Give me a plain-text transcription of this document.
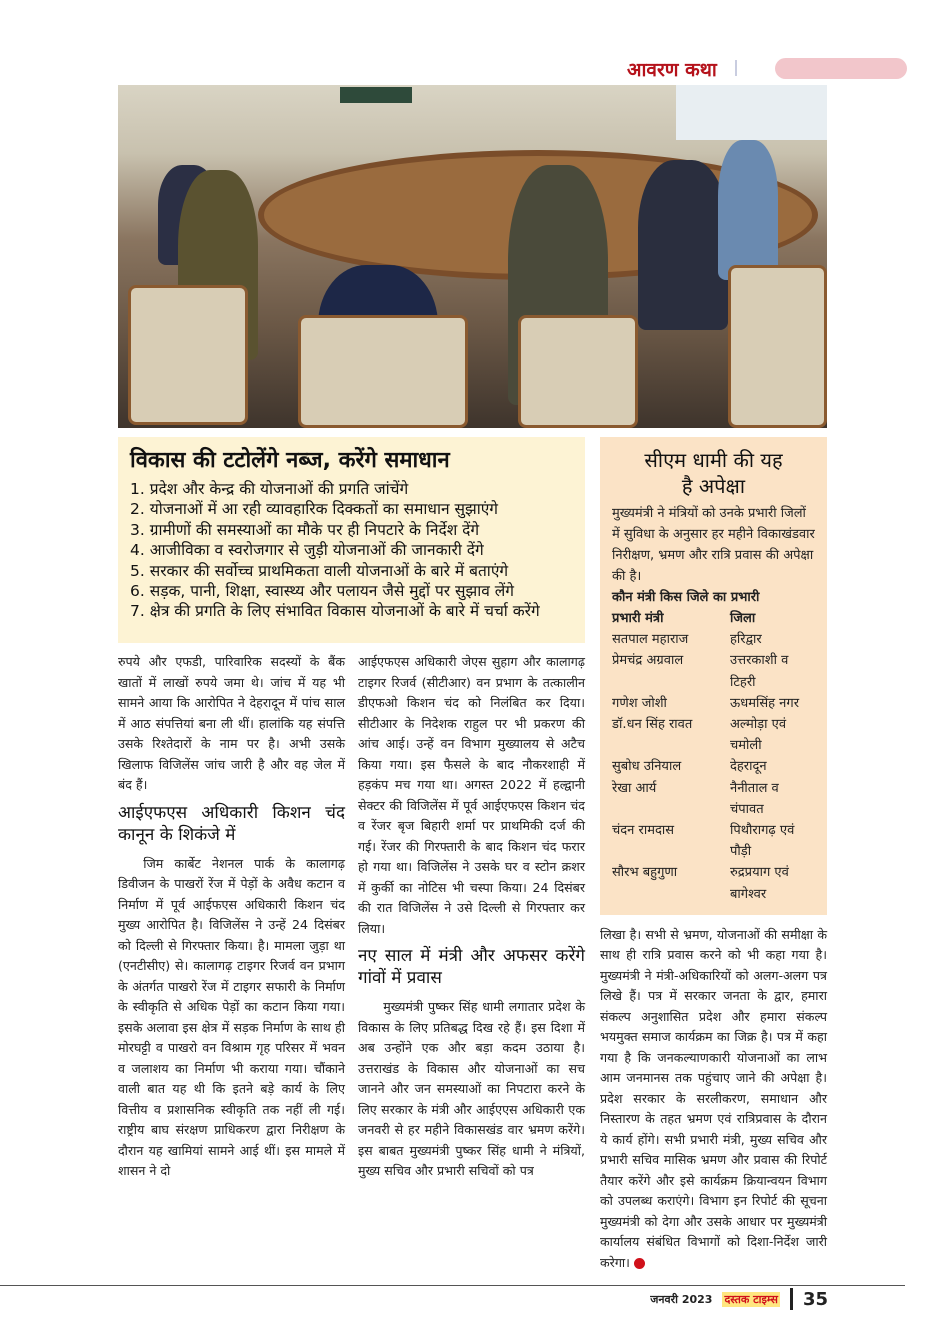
आवरण कथा
विकास की टटोलेंगे नब्ज, करेंगे समाधान
1. प्रदेश और केन्द्र की योजनाओं की प्रगति जांचेंगे
2. योजनाओं में आ रही व्यावहारिक दिक्कतों का समाधान सुझाएंगे
3. ग्रामीणों की समस्याओं का मौके पर ही निपटारे के निर्देश देंगे
4. आजीविका व स्वरोजगार से जुड़ी योजनाओं की जानकारी देंगे
5. सरकार की सर्वोच्च प्राथमिकता वाली योजनाओं के बारे में बताएंगे
6. सड़क, पानी, शिक्षा, स्वास्थ्य और पलायन जैसे मुद्दों पर सुझाव लेंगे
7. क्षेत्र की प्रगति के लिए संभावित विकास योजनाओं के बारे में चर्चा करेंगे

रुपये और एफडी, पारिवारिक सदस्यों के बैंक खातों में लाखों रुपये जमा थे। जांच में यह भी सामने आया कि आरोपित ने देहरादून में पांच साल में आठ संपत्तियां बना ली थीं। हालांकि यह संपत्ति उसके रिश्तेदारों के नाम पर है। अभी उसके खिलाफ विजिलेंस जांच जारी है और वह जेल में बंद हैं।

आईएफएस अधिकारी किशन चंद कानून के शिकंजे में

जिम कार्बेट नेशनल पार्क के कालागढ़ डिवीजन के पाखरों रेंज में पेड़ों के अवैध कटान व निर्माण में पूर्व आईफएस अधिकारी किशन चंद मुख्य आरोपित है। विजिलेंस ने उन्हें 24 दिसंबर को दिल्ली से गिरफ्तार किया। है। मामला जुड़ा था (एनटीसीए) से। कालागढ़ टाइगर रिजर्व वन प्रभाग के अंतर्गत पाखरो रेंज में टाइगर सफारी के निर्माण के स्वीकृति से अधिक पेड़ों का कटान किया गया। इसके अलावा इस क्षेत्र में सड़क निर्माण के साथ ही मोरघट्टी व पाखरो वन विश्राम गृह परिसर में भवन व जलाशय का निर्माण भी कराया गया। चौंकाने वाली बात यह थी कि इतने बड़े कार्य के लिए वित्तीय व प्रशासनिक स्वीकृति तक नहीं ली गई। राष्ट्रीय बाघ संरक्षण प्राधिकरण द्वारा निरीक्षण के दौरान यह खामियां सामने आई थीं। इस मामले में शासन ने दो

आईएफएस अधिकारी जेएस सुहाग और कालागढ़ टाइगर रिजर्व (सीटीआर) वन प्रभाग के तत्कालीन डीएफओ किशन चंद को निलंबित कर दिया। सीटीआर के निदेशक राहुल पर भी प्रकरण की आंच आई। उन्हें वन विभाग मुख्यालय से अटैच किया गया। इस फैसले के बाद नौकरशाही में हड़कंप मच गया था। अगस्त 2022 में हल्द्वानी सेक्टर की विजिलेंस में पूर्व आईएफएस किशन चंद व रेंजर बृज बिहारी शर्मा पर प्राथमिकी दर्ज की गई। रेंजर की गिरफ्तारी के बाद किशन चंद फरार हो गया था। विजिलेंस ने उसके घर व स्टोन क्रशर में कुर्की का नोटिस भी चस्पा किया। 24 दिसंबर की रात विजिलेंस ने उसे दिल्ली से गिरफ्तार कर लिया।

नए साल में मंत्री और अफसर करेंगे गांवों में प्रवास

मुख्यमंत्री पुष्कर सिंह धामी लगातार प्रदेश के विकास के लिए प्रतिबद्ध दिख रहे हैं। इस दिशा में अब उन्होंने एक और बड़ा कदम उठाया है। उत्तराखंड के विकास और योजनाओं का सच जानने और जन समस्याओं का निपटारा करने के लिए सरकार के मंत्री और आईएएस अधिकारी एक जनवरी से हर महीने विकासखंड वार भ्रमण करेंगे। इस बाबत मुख्यमंत्री पुष्कर सिंह धामी ने मंत्रियों, मुख्य सचिव और प्रभारी सचिवों को पत्र

सीएम धामी की यह
है अपेक्षा

मुख्यमंत्री ने मंत्रियों को उनके प्रभारी जिलों में सुविधा के अनुसार हर महीने विकाखंडवार निरीक्षण, भ्रमण और रात्रि प्रवास की अपेक्षा की है।

कौन मंत्री किस जिले का प्रभारी
प्रभारी मंत्री	जिला
सतपाल महाराज	हरिद्वार
प्रेमचंद्र अग्रवाल	उत्तरकाशी व टिहरी
गणेश जोशी	ऊधमसिंह नगर
डॉ.धन सिंह रावत	अल्मोड़ा एवं चमोली
सुबोध उनियाल	देहरादून
रेखा आर्य	नैनीताल व चंपावत
चंदन रामदास	पिथौरागढ़ एवं पौड़ी
सौरभ बहुगुणा	रुद्रप्रयाग एवं बागेश्वर

लिखा है। सभी से भ्रमण, योजनाओं की समीक्षा के साथ ही रात्रि प्रवास करने को भी कहा गया है। मुख्यमंत्री ने मंत्री-अधिकारियों को अलग-अलग पत्र लिखे हैं। पत्र में सरकार जनता के द्वार, हमारा संकल्प अनुशासित प्रदेश और हमारा संकल्प भयमुक्त समाज कार्यक्रम का जिक्र है। पत्र में कहा गया है कि जनकल्याणकारी योजनाओं का लाभ आम जनमानस तक पहुंचाए जाने की अपेक्षा है। प्रदेश सरकार के सरलीकरण, समाधान और निस्तारण के तहत भ्रमण एवं रात्रिप्रवास के दौरान ये कार्य होंगे। सभी प्रभारी मंत्री, मुख्य सचिव और प्रभारी सचिव मासिक भ्रमण और प्रवास की रिपोर्ट तैयार करेंगे और इसे कार्यक्रम क्रियान्वयन विभाग को उपलब्ध कराएंगे। विभाग इन रिपोर्ट की सूचना मुख्यमंत्री को देगा और उसके आधार पर मुख्यमंत्री कार्यालय संबंधित विभागों को दिशा-निर्देश जारी करेगा।

जनवरी 2023 दस्तक टाइम्स 35
